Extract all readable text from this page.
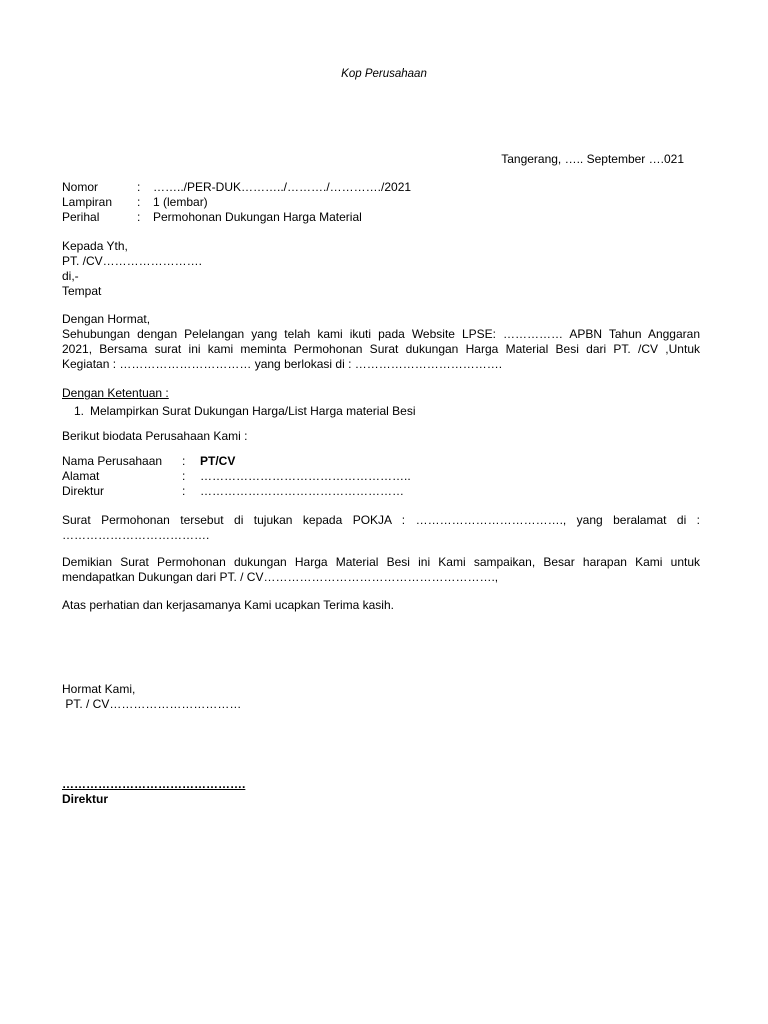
Kop Perusahaan
Tangerang, ….. September ….021
Nomor	: ……../PER-DUK………../………./…………./2021
Lampiran : 1 (lembar)
Perihal	: Permohonan Dukungan Harga Material
Kepada Yth,
PT. /CV…………………….
di,-
Tempat
Dengan Hormat,
Sehubungan dengan Pelelangan yang telah kami ikuti pada Website LPSE: …………… APBN Tahun Anggaran
2021, Bersama surat ini kami meminta Permohonan Surat dukungan Harga Material Besi dari PT. /CV ,Untuk
Kegiatan : …………………………… yang berlokasi di : ……………………………….
Dengan Ketentuan :
1. Melampirkan Surat Dukungan Harga/List Harga material Besi
Berikut biodata Perusahaan Kami :
Nama Perusahaan : PT/CV
Alamat	: ……………………………………………..
Direktur	: ……………………………………………
Surat Permohonan tersebut di tujukan kepada POKJA : ………………………………., yang beralamat di :
……………………………….
Demikian Surat Permohonan dukungan Harga Material Besi ini Kami sampaikan, Besar harapan Kami untuk
mendapatkan Dukungan dari PT. / CV………………………………………………….,
Atas perhatian dan kerjasamanya Kami ucapkan Terima kasih.
Hormat Kami,
PT. / CV……………………………
……………………………………….
Direktur
